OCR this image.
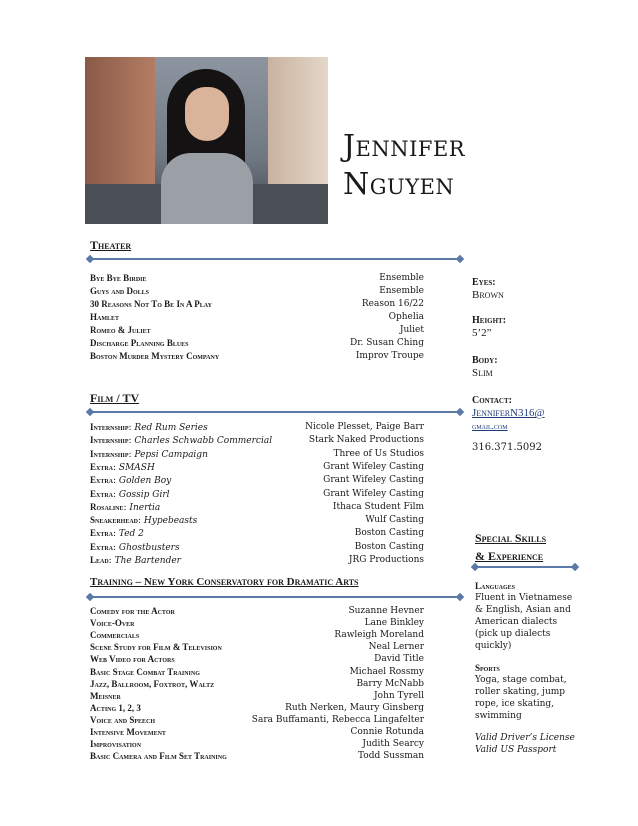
Jennifer
Nguyen
Theater
Bye Bye Birdie	Ensemble
Guys and Dolls	Ensemble
30 Reasons Not To Be In A Play	Reason 16/22
Hamlet	Ophelia
Romeo & Juliet	Juliet
Discharge Planning Blues	Dr. Susan Ching
Boston Murder Mystery Company	Improv Troupe
Film / TV
Internship: Red Rum Series	Nicole Plesset, Paige Barr
Internship: Charles Schwabb Commercial	Stark Naked Productions
Internship: Pepsi Campaign	Three of Us Studios
Extra: SMASH	Grant Wifeley Casting
Extra: Golden Boy	Grant Wifeley Casting
Extra: Gossip Girl	Grant Wifeley Casting
Rosaline: Inertia	Ithaca Student Film
Sneakerhead: Hypebeasts	Wulf Casting
Extra: Ted 2	Boston Casting
Extra: Ghostbusters	Boston Casting
Lead: The Bartender	JRG Productions
Training – New York Conservatory for Dramatic Arts
Comedy for the Actor	Suzanne Hevner
Voice-Over	Lane Binkley
Commercials	Rawleigh Moreland
Scene Study for Film & Television	Neal Lerner
Web Video for Actors	David Title
Basic Stage Combat Training	Michael Rossmy
Jazz, Ballroom, Foxtrot, Waltz	Barry McNabb
Meisner	John Tyrell
Acting 1, 2, 3	Ruth Nerken, Maury Ginsberg
Voice and Speech	Sara Buffamanti, Rebecca Lingafelter
Intensive Movement	Connie Rotunda
Improvisation	Judith Searcy
Basic Camera and Film Set Training	Todd Sussman
Eyes:
Brown
Height:
5’2”
Body:
Slim
Contact:
JenniferN316@
gmail.com
316.371.5092
Special Skills
& Experience
Languages
Fluent in Vietnamese & English, Asian and American dialects (pick up dialects quickly)
Sports
Yoga, stage combat, roller skating, jump rope, ice skating, swimming
Valid Driver’s License
Valid US Passport
